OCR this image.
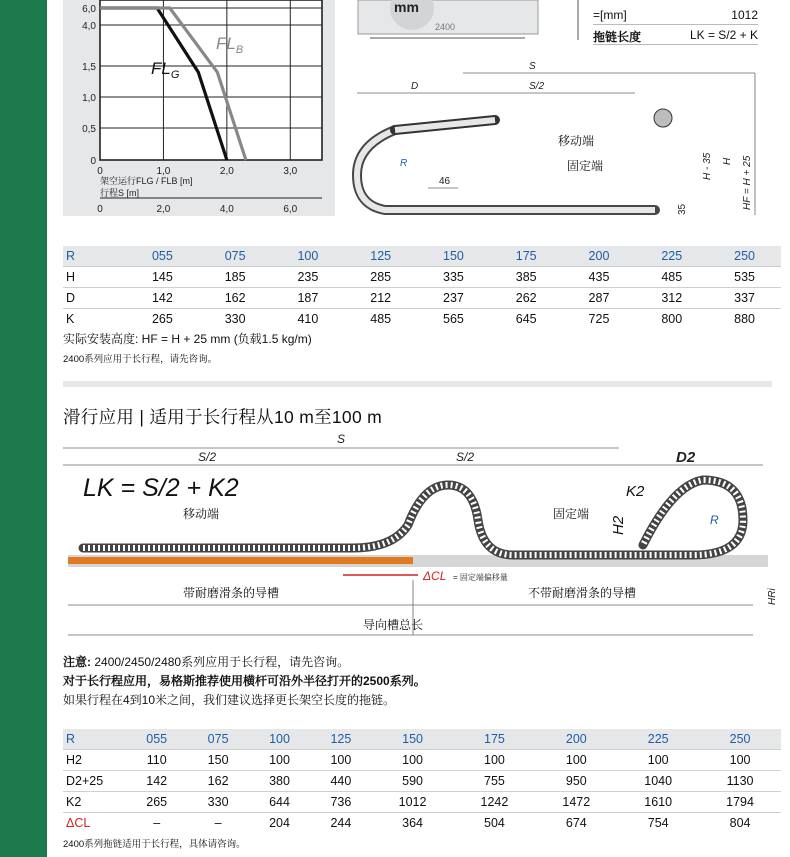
6,0
4,0
1,5
1,0
0,5
0
0	1,0	2,0	3,0
0	2,0	4,0	6,0
$FL_G$
$FL_B$
架空运行FLG / FLB [m]
行程S [m]
mm
2400
=[mm]	1012
拖链长度	LK = S/2 + K
S
S/2
D
移动端
固定端
R
46
H - 35 H HF = H + 25
35
R	055	075	100	125	150	175	200	225	250
H	145	185	235	285	335	385	435	485	535
D	142	162	187	212	237	262	287	312	337
K	265	330	410	485	565	645	725	800	880
实际安装高度: HF = H + 25 mm (负载1.5 kg/m)
2400系列应用于长行程，请先咨询。
滑行应用 | 适用于长行程从10 m至100 m
S
S/2	S/2	D2
LK = S/2 + K2
移动端	固定端
K2
H2	R
ΔCL = 固定端偏移量
HRi
带耐磨滑条的导槽	不带耐磨滑条的导槽
导向槽总长
注意: 2400/2450/2480系列应用于长行程，请先咨询。
对于长行程应用，易格斯推荐使用横杆可沿外半径打开的2500系列。
如果行程在4到10米之间，我们建议选择更长架空长度的拖链。
R	055	075	100	125	150	175	200	225	250
H2	110	150	100	100	100	100	100	100	100
D2+25	142	162	380	440	590	755	950	1040	1130
K2	265	330	644	736	1012	1242	1472	1610	1794
ΔCL	–	–	204	244	364	504	674	754	804
2400系列拖链适用于长行程，具体请咨询。
